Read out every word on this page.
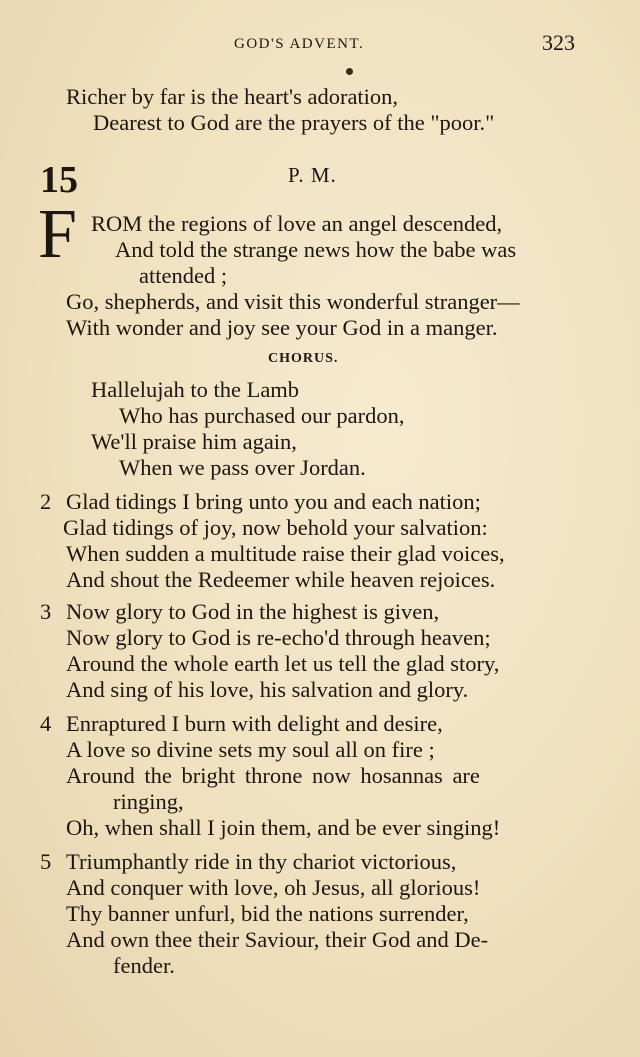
GOD'S ADVENT.	323
Richer by far is the heart's adoration,
Dearest to God are the prayers of the "poor."
15	P. M.
F ROM the regions of love an angel descended,
And told the strange news how the babe was
attended ;
Go, shepherds, and visit this wonderful stranger—
With wonder and joy see your God in a manger.
CHORUS.
Hallelujah to the Lamb
Who has purchased our pardon,
We'll praise him again,
When we pass over Jordan.
2 Glad tidings I bring unto you and each nation;
Glad tidings of joy, now behold your salvation:
When sudden a multitude raise their glad voices,
And shout the Redeemer while heaven rejoices.
3 Now glory to God in the highest is given,
Now glory to God is re-echo'd through heaven;
Around the whole earth let us tell the glad story,
And sing of his love, his salvation and glory.
4 Enraptured I burn with delight and desire,
A love so divine sets my soul all on fire ;
Around the bright throne now hosannas are
ringing,
Oh, when shall I join them, and be ever singing!
5 Triumphantly ride in thy chariot victorious,
And conquer with love, oh Jesus, all glorious!
Thy banner unfurl, bid the nations surrender,
And own thee their Saviour, their God and De-
fender.
